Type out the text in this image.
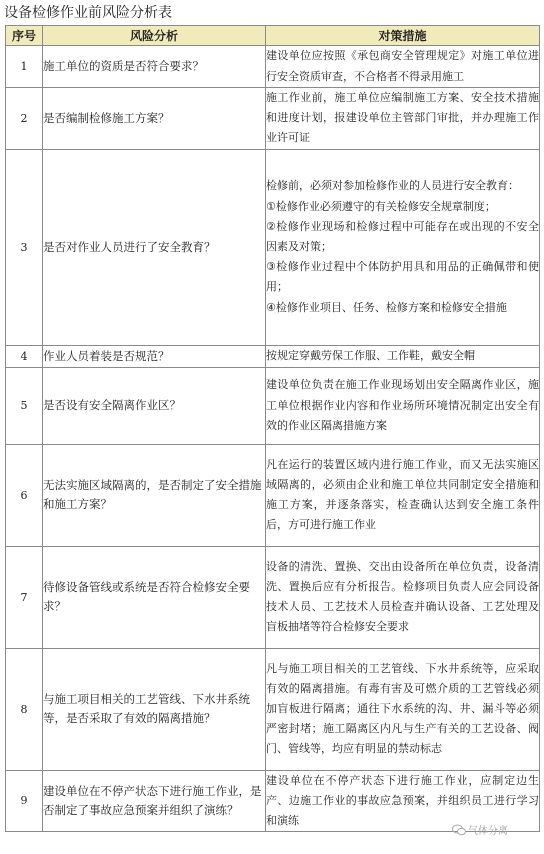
设备检修作业前风险分析表
序号	风险分析	对策措施
1	施工单位的资质是否符合要求？	建设单位应按照《承包商安全管理规定》对施工单位进行安全资质审查，不合格者不得录用施工

2	是否编制检修施工方案？	施工作业前，施工单位应编制施工方案、安全技术措施和进度计划，报建设单位主管部门审批，并办理施工作业许可证

3	是否对作业人员进行了安全教育？	检修前，必须对参加检修作业的人员进行安全教育：
①检修作业必须遵守的有关检修安全规章制度；
②检修作业现场和检修过程中可能存在或出现的不安全因素及对策；
③检修作业过程中个体防护用具和用品的正确佩带和使用；
④检修作业项目、任务、检修方案和检修安全措施

4	作业人员着装是否规范？	按规定穿戴劳保工作服、工作鞋，戴安全帽

5	是否设有安全隔离作业区？	建设单位负责在施工作业现场划出安全隔离作业区，施工单位根据作业内容和作业场所环境情况制定出安全有效的作业区隔离措施方案

6	无法实施区域隔离的，是否制定了安全措施和施工方案？	凡在运行的装置区域内进行施工作业，而又无法实施区域隔离的，必须由企业和施工单位共同制定安全措施和施工方案，并逐条落实，检查确认达到安全施工条件后，方可进行施工作业

7	待修设备管线或系统是否符合检修安全要求？	设备的清洗、置换、交出由设备所在单位负责，设备清洗、置换后应有分析报告。检修项目负责人应会同设备技术人员、工艺技术人员检查并确认设备、工艺处理及盲板抽堵等符合检修安全要求

8	与施工项目相关的工艺管线、下水井系统等，是否采取了有效的隔离措施？	凡与施工项目相关的工艺管线、下水井系统等，应采取有效的隔离措施。有毒有害及可燃介质的工艺管线必须加盲板进行隔离；通往下水系统的沟、井、漏斗等必须严密封堵；施工隔离区内凡与生产有关的工艺设备、阀门、管线等，均应有明显的禁动标志

9	建设单位在不停产状态下进行施工作业，是否制定了事故应急预案并组织了演练？	建设单位在不停产状态下进行施工作业，应制定边生产、边施工作业的事故应急预案，并组织员工进行学习和演练
气体分离
